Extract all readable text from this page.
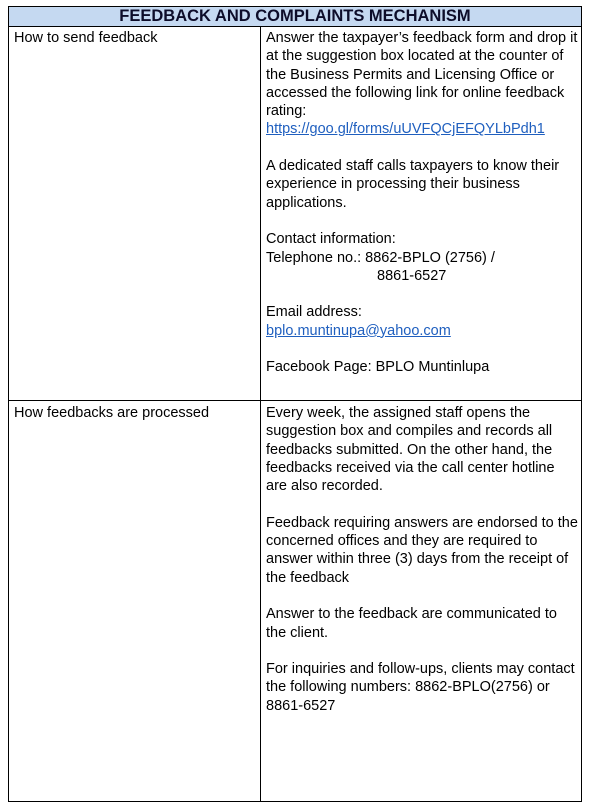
FEEDBACK AND COMPLAINTS MECHANISM
How to send feedback	Answer the taxpayer’s feedback form and drop it at the suggestion box located at the counter of the Business Permits and Licensing Office or accessed the following link for online feedback rating: https://goo.gl/forms/uUVFQCjEFQYLbPdh1

A dedicated staff calls taxpayers to know their experience in processing their business applications.

Contact information:
Telephone no.: 8862-BPLO (2756) /
8861-6527

Email address:
bplo.muntinupa@yahoo.com

Facebook Page: BPLO Muntinlupa

How feedbacks are processed	Every week, the assigned staff opens the suggestion box and compiles and records all feedbacks submitted. On the other hand, the feedbacks received via the call center hotline are also recorded.

Feedback requiring answers are endorsed to the concerned offices and they are required to answer within three (3) days from the receipt of the feedback

Answer to the feedback are communicated to the client.

For inquiries and follow-ups, clients may contact the following numbers: 8862-BPLO(2756) or 8861-6527
